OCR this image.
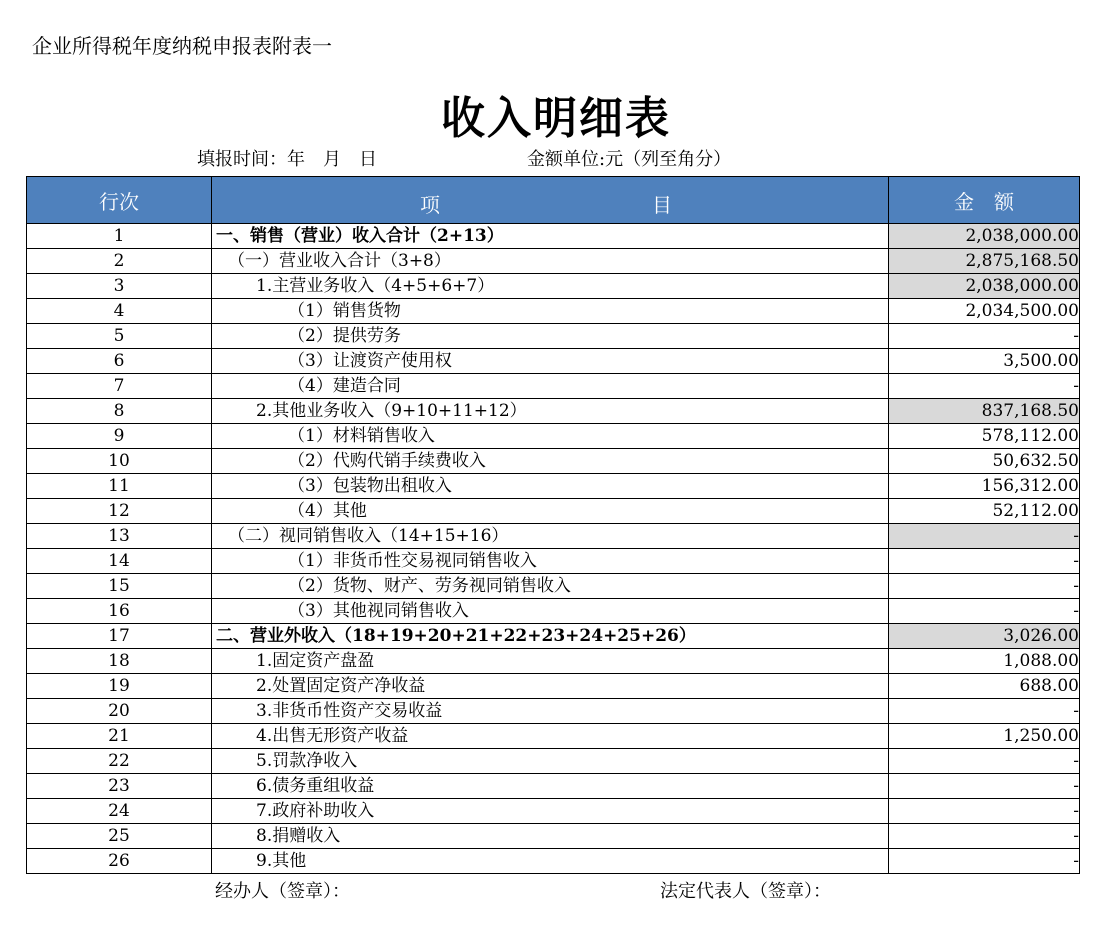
企业所得税年度纳税申报表附表一
收入明细表
填报时间：年　月　日	金额单位:元（列至角分）
行次	项 目	金　额
1	一、销售（营业）收入合计（2+13）	2,038,000.00
2	（一）营业收入合计（3+8）	2,875,168.50
3	1.主营业务收入（4+5+6+7）	2,038,000.00
4	（1）销售货物	2,034,500.00
5	（2）提供劳务	-
6	（3）让渡资产使用权	3,500.00
7	（4）建造合同	-
8	2.其他业务收入（9+10+11+12）	837,168.50
9	（1）材料销售收入	578,112.00
10	（2）代购代销手续费收入	50,632.50
11	（3）包装物出租收入	156,312.00
12	（4）其他	52,112.00
13	（二）视同销售收入（14+15+16）	-
14	（1）非货币性交易视同销售收入	-
15	（2）货物、财产、劳务视同销售收入	-
16	（3）其他视同销售收入	-
17	二、营业外收入（18+19+20+21+22+23+24+25+26）	3,026.00
18	1.固定资产盘盈	1,088.00
19	2.处置固定资产净收益	688.00
20	3.非货币性资产交易收益	-
21	4.出售无形资产收益	1,250.00
22	5.罚款净收入	-
23	6.债务重组收益	-
24	7.政府补助收入	-
25	8.捐赠收入	-
26	9.其他	-
经办人（签章）：	法定代表人（签章）：
